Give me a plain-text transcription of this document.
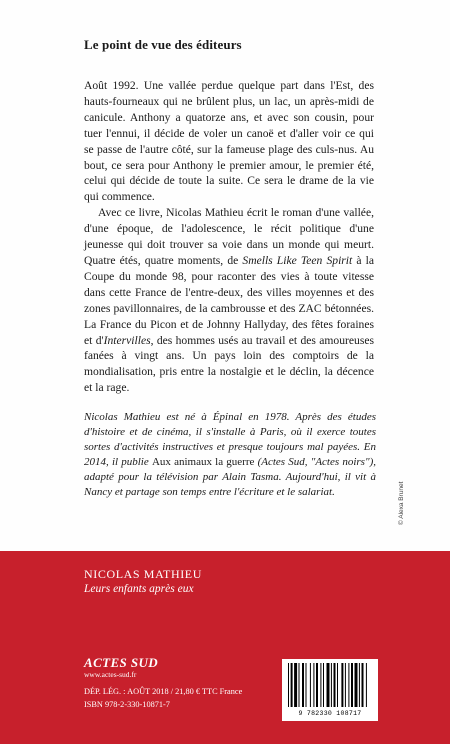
Le point de vue des éditeurs

Août 1992. Une vallée perdue quelque part dans l'Est, des hauts-fourneaux qui ne brûlent plus, un lac, un après-midi de canicule. Anthony a quatorze ans, et avec son cousin, pour tuer l'ennui, il décide de voler un canoë et d'aller voir ce qui se passe de l'autre côté, sur la fameuse plage des culs-nus. Au bout, ce sera pour Anthony le premier amour, le premier été, celui qui décide de toute la suite. Ce sera le drame de la vie qui commence.

Avec ce livre, Nicolas Mathieu écrit le roman d'une vallée, d'une époque, de l'adolescence, le récit politique d'une jeunesse qui doit trouver sa voie dans un monde qui meurt. Quatre étés, quatre moments, de Smells Like Teen Spirit à la Coupe du monde 98, pour raconter des vies à toute vitesse dans cette France de l'entre-deux, des villes moyennes et des zones pavillonnaires, de la cambrousse et des ZAC bétonnées. La France du Picon et de Johnny Hallyday, des fêtes foraines et d'Intervilles, des hommes usés au travail et des amoureuses fanées à vingt ans. Un pays loin des comptoirs de la mondialisation, pris entre la nostalgie et le déclin, la décence et la rage.

Nicolas Mathieu est né à Épinal en 1978. Après des études d'histoire et de cinéma, il s'installe à Paris, où il exerce toutes sortes d'activités instructives et presque toujours mal payées. En 2014, il publie Aux animaux la guerre (Actes Sud, "Actes noirs"), adapté pour la télévision par Alain Tasma. Aujourd'hui, il vit à Nancy et partage son temps entre l'écriture et le salariat.	© Alexa Brunet
NICOLAS MATHIEU
Leurs enfants après eux
ACTES SUD
www.actes-sud.fr
DÉP. LÉG. : AOÛT 2018 / 21,80 € TTC France
ISBN 978-2-330-10871-7
9 782330 108717
